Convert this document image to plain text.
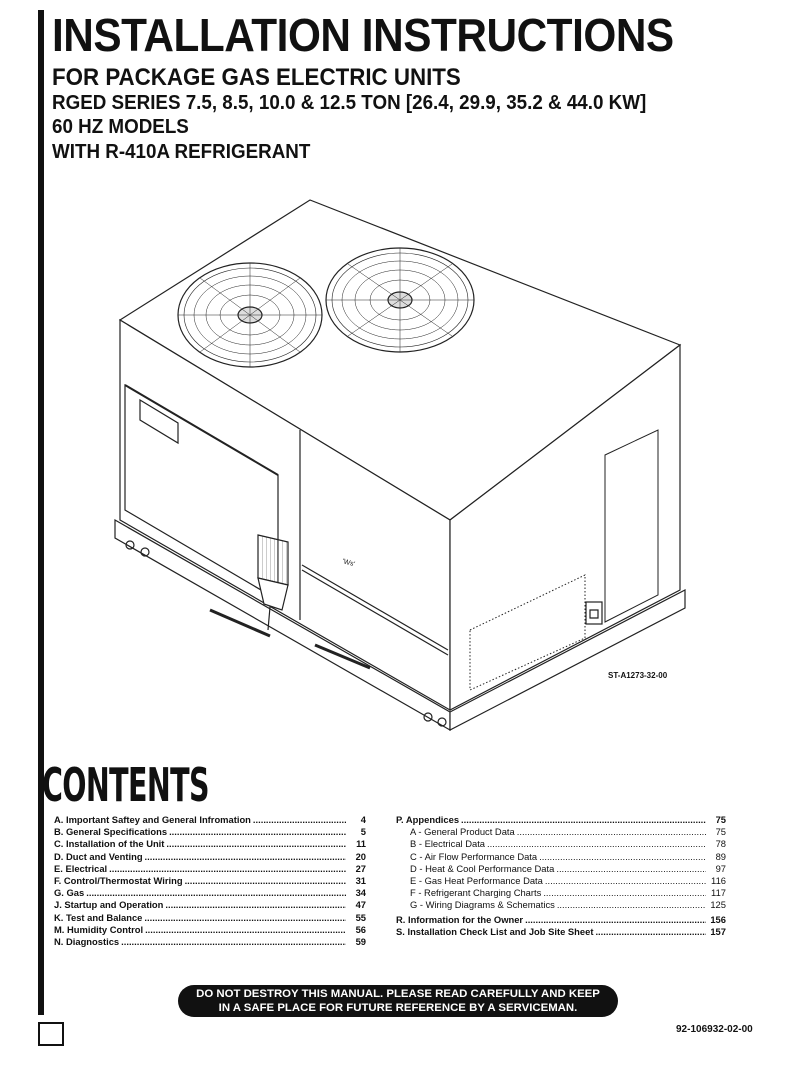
INSTALLATION INSTRUCTIONS
FOR PACKAGE GAS ELECTRIC UNITS
RGED SERIES 7.5, 8.5, 10.0 & 12.5 TON [26.4, 29.9, 35.2 & 44.0 KW]
60 HZ MODELS
WITH R-410A REFRIGERANT
'Ws'
ST-A1273-32-00
CONTENTS
A. Important Saftey and General Infromation .....	4
B. General Specifications .....	5
C. Installation of the Unit .....	11
D. Duct and Venting .....	20
E. Electrical .....	27
F. Control/Thermostat Wiring .....	31
G. Gas .....	34
J. Startup and Operation .....	47
K. Test and Balance .....	55
M. Humidity Control .....	56
N. Diagnostics .....	59
P. Appendices .....	75
A - General Product Data .....	75
B - Electrical Data .....	78
C - Air Flow Performance Data .....	89
D - Heat & Cool Performance Data .....	97
E - Gas Heat Performance Data .....	116
F - Refrigerant Charging Charts .....	117
G - Wiring Diagrams & Schematics .....	125
R. Information for the Owner .....	156
S. Installation Check List and Job Site Sheet .....	157
DO NOT DESTROY THIS MANUAL. PLEASE READ CAREFULLY AND KEEP
IN A SAFE PLACE FOR FUTURE REFERENCE BY A SERVICEMAN.
92-106932-02-00
